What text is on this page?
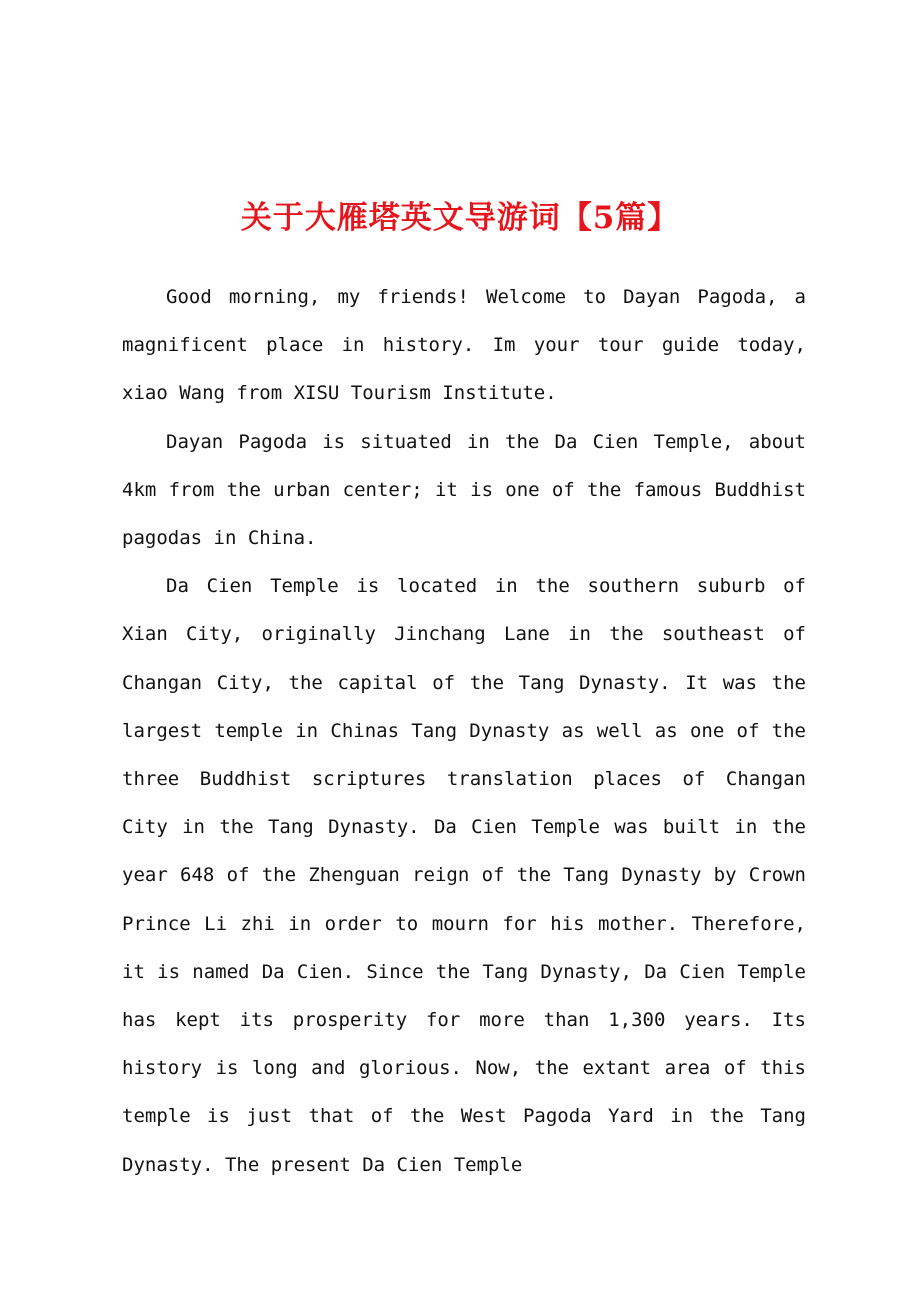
关于大雁塔英文导游词【5篇】

Good morning, my friends! Welcome to Dayan Pagoda, a magnificent place in history. Im your tour guide today, xiao Wang from XISU Tourism Institute.

Dayan Pagoda is situated in the Da Cien Temple, about 4km from the urban center; it is one of the famous Buddhist pagodas in China.

Da Cien Temple is located in the southern suburb of Xian City, originally Jinchang Lane in the southeast of Changan City, the capital of the Tang Dynasty. It was the largest temple in Chinas Tang Dynasty as well as one of the three Buddhist scriptures translation places of Changan City in the Tang Dynasty. Da Cien Temple was built in the year 648 of the Zhenguan reign of the Tang Dynasty by Crown Prince Li zhi in order to mourn for his mother. Therefore, it is named Da Cien. Since the Tang Dynasty, Da Cien Temple has kept its prosperity for more than 1,300 years. Its history is long and glorious. Now, the extant area of this temple is just that of the West Pagoda Yard in the Tang Dynasty. The present Da Cien Temple
